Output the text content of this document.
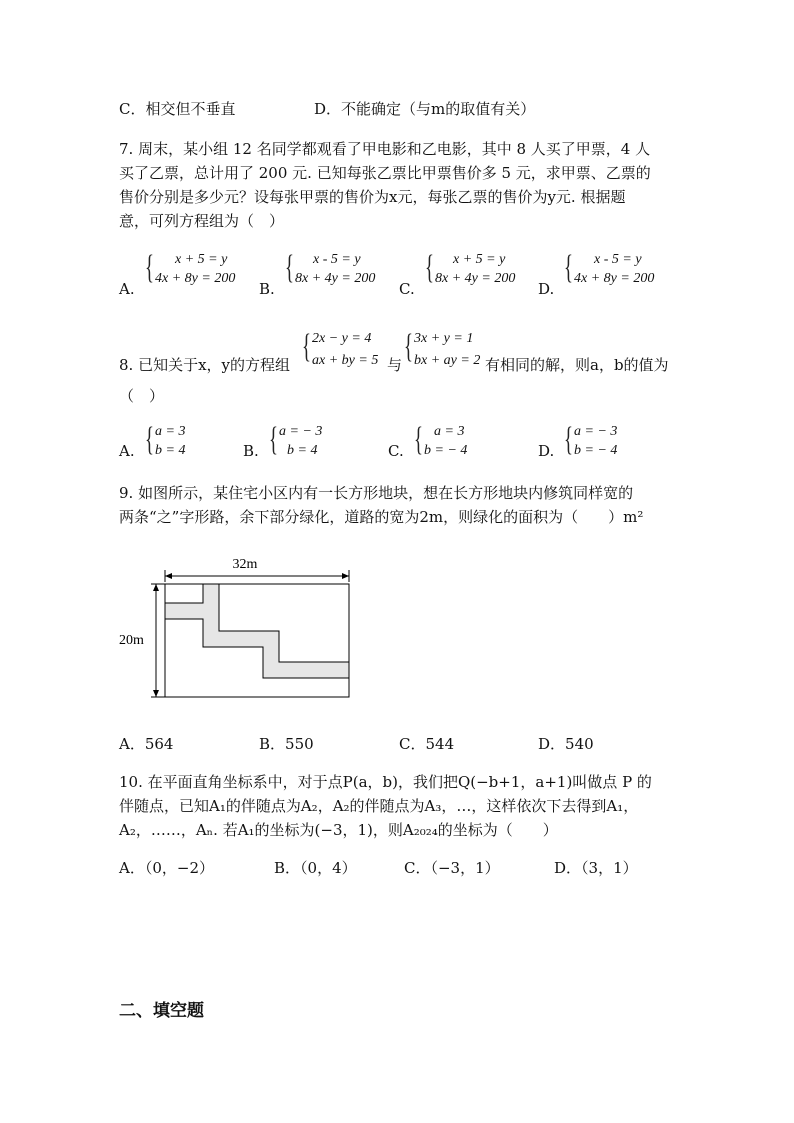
C．相交但不垂直	D．不能确定（与m的取值有关）
7. 周末，某小组 12 名同学都观看了甲电影和乙电影，其中 8 人买了甲票，4 人
买了乙票，总计用了 200 元. 已知每张乙票比甲票售价多 5 元，求甲票、乙票的
售价分别是多少元？设每张甲票的售价为x元，每张乙票的售价为y元. 根据题
意，可列方程组为（　）
A.
{ x + 5 = y
4x + 8y = 200
B.
{ x - 5 = y
8x + 4y = 200
C.
{ x + 5 = y
8x + 4y = 200
D.
{ x - 5 = y
4x + 8y = 200
8. 已知关于x，y的方程组 { 2x − y = 4
ax + by = 5 与 { 3x + y = 1
bx + ay = 2 有相同的解，则a，b的值为
（　）
A. { a = 3
b = 4	B. { a = − 3
b = 4	C. { a = 3
b = − 4	D. { a = − 3
b = − 4
9. 如图所示，某住宅小区内有一长方形地块，想在长方形地块内修筑同样宽的
两条“之”字形路，余下部分绿化，道路的宽为2m，则绿化的面积为（　　）m²
32m
20m
A．564	B．550	C．544	D．540
10. 在平面直角坐标系中，对于点P(a，b)，我们把Q(−b+1，a+1)叫做点 P 的
伴随点，已知A₁的伴随点为A₂，A₂的伴随点为A₃，…，这样依次下去得到A₁，
A₂，……，Aₙ. 若A₁的坐标为(−3，1)，则A₂₀₂₄的坐标为（　　）
A．（0，−2）	B．（0，4）	C．（−3，1）	D．（3，1）
二、填空题
